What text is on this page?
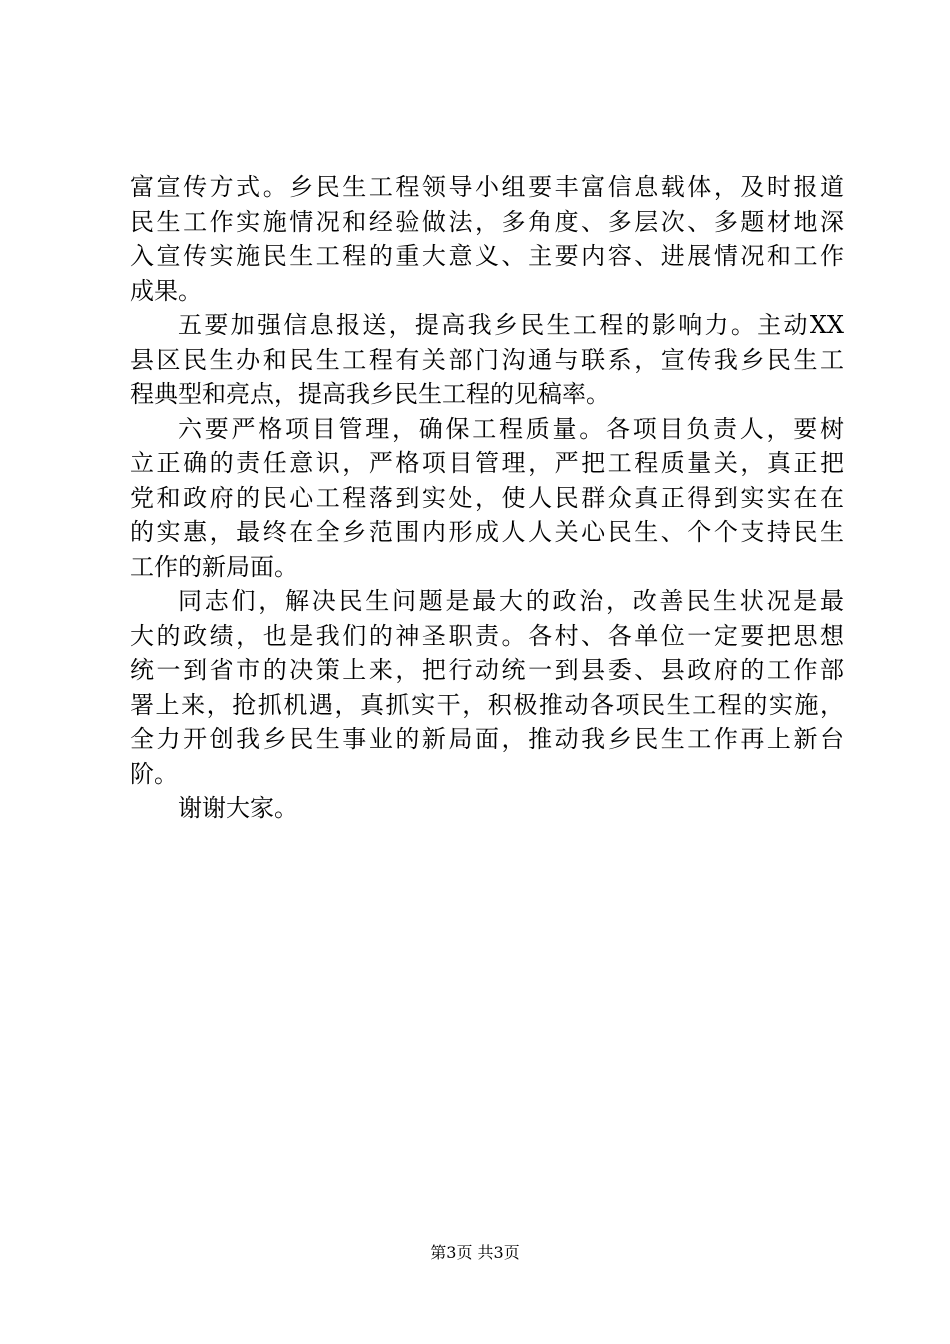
富宣传方式。乡民生工程领导小组要丰富信息载体，及时报道
民生工作实施情况和经验做法，多角度、多层次、多题材地深
入宣传实施民生工程的重大意义、主要内容、进展情况和工作
成果。
五要加强信息报送，提高我乡民生工程的影响力。主动XX
县区民生办和民生工程有关部门沟通与联系，宣传我乡民生工
程典型和亮点，提高我乡民生工程的见稿率。
六要严格项目管理，确保工程质量。各项目负责人，要树
立正确的责任意识，严格项目管理，严把工程质量关，真正把
党和政府的民心工程落到实处，使人民群众真正得到实实在在
的实惠，最终在全乡范围内形成人人关心民生、个个支持民生
工作的新局面。
同志们，解决民生问题是最大的政治，改善民生状况是最
大的政绩，也是我们的神圣职责。各村、各单位一定要把思想
统一到省市的决策上来，把行动统一到县委、县政府的工作部
署上来，抢抓机遇，真抓实干，积极推动各项民生工程的实施，
全力开创我乡民生事业的新局面，推动我乡民生工作再上新台
阶。
谢谢大家。
第3页 共3页
